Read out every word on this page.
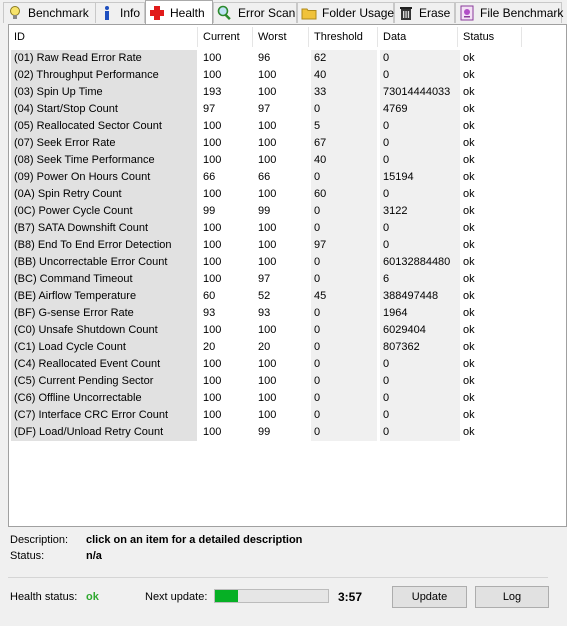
Benchmark	Info Health	Error Scan Folder Usage Erase File Benchmark
ID	Current Worst Threshold Data	Status
(01) Raw Read Error Rate	100	96	62	0	ok
(02) Throughput Performance	100	100	40	0	ok
(03) Spin Up Time	193	100	33	73014444033	ok
(04) Start/Stop Count	97	97	0	4769	ok
(05) Reallocated Sector Count	100	100	5	0	ok
(07) Seek Error Rate	100	100	67	0	ok
(08) Seek Time Performance	100	100	40	0	ok
(09) Power On Hours Count	66	66	0	15194	ok
(0A) Spin Retry Count	100	100	60	0	ok
(0C) Power Cycle Count	99	99	0	3122	ok
(B7) SATA Downshift Count	100	100	0	0	ok
(B8) End To End Error Detection	100	100	97	0	ok
(BB) Uncorrectable Error Count	100	100	0	60132884480	ok
(BC) Command Timeout	100	97	0	6	ok
(BE) Airflow Temperature	60	52	45	388497448	ok
(BF) G-sense Error Rate	93	93	0	1964	ok
(C0) Unsafe Shutdown Count	100	100	0	6029404	ok
(C1) Load Cycle Count	20	20	0	807362	ok
(C4) Reallocated Event Count	100	100	0	0	ok
(C5) Current Pending Sector	100	100	0	0	ok
(C6) Offline Uncorrectable	100	100	0	0	ok
(C7) Interface CRC Error Count	100	100	0	0	ok
(DF) Load/Unload Retry Count	100	99	0	0	ok
Description: click on an item for a detailed description
Status:	n/a
Health status: ok	Next update:	3:57	Update	Log
